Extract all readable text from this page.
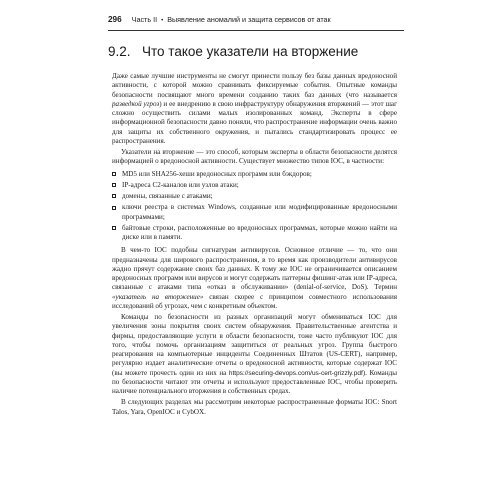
296 Часть II • Выявление аномалий и защита сервисов от атак
9.2. Что такое указатели на вторжение

Даже самые лучшие инструменты не смогут принести пользу без базы данных вредоносной активности, с которой можно сравнивать фиксируемые события. Опытные команды безопасности посвящают много времени созданию таких баз данных (что называется разведкой угроз) и ее внедрению в свою инфраструктуру обнаружения вторжений — этот шаг сложно осуществить силами малых изолированных команд. Эксперты в сфере информационной безопасности давно поняли, что распространение информации очень важно для защиты их собственного окружения, и пытались стандартизировать процесс ее распространения.

Указатели на вторжение — это способ, которым эксперты в области безопасности делятся информацией о вредоносной активности. Существует множество типов IOC, в частности:

MD5 или SHA256-хеши вредоносных программ или бэкдоров;
IP-адреса C2-каналов или узлов атаки;
домены, связанные с атаками;
ключи реестра в системах Windows, созданные или модифицированные вредоносными программами;
байтовые строки, расположенные во вредоносных программах, которые можно найти на диске или в памяти.

В чем-то IOC подобны сигнатурам антивирусов. Основное отличие — то, что они предназначены для широкого распространения, в то время как производители антивирусов жадно прячут содержание своих баз данных. К тому же IOC не ограничивается описанием вредоносных программ или вирусов и могут содержать паттерны фишинг-атак или IP-адреса, связанные с атаками типа «отказ в обслуживании» (denial-of-service, DoS). Термин «указатель на вторжение» связан скорее с принципом совместного использования исследований об угрозах, чем с конкретным объектом.

Команды по безопасности из разных организаций могут обмениваться IOC для увеличения зоны покрытия своих систем обнаружения. Правительственные агентства и фирмы, предоставляющие услуги в области безопасности, тоже часто публикуют IOC для того, чтобы помочь организациям защититься от реальных угроз. Группа быстрого реагирования на компьютерные инциденты Соединенных Штатов (US-CERT), например, регулярно издает аналитические отчеты о вредоносной активности, которые содержат IOC (вы можете прочесть один из них на https://securing-devops.com/us-cert-grizzly.pdf). Команды по безопасности читают эти отчеты и используют предоставленные IOC, чтобы проверить наличие потенциального вторжения в собственных средах.

В следующих разделах мы рассмотрим некоторые распространенные форматы IOC: Snort Talos, Yara, OpenIOC и CybOX.
